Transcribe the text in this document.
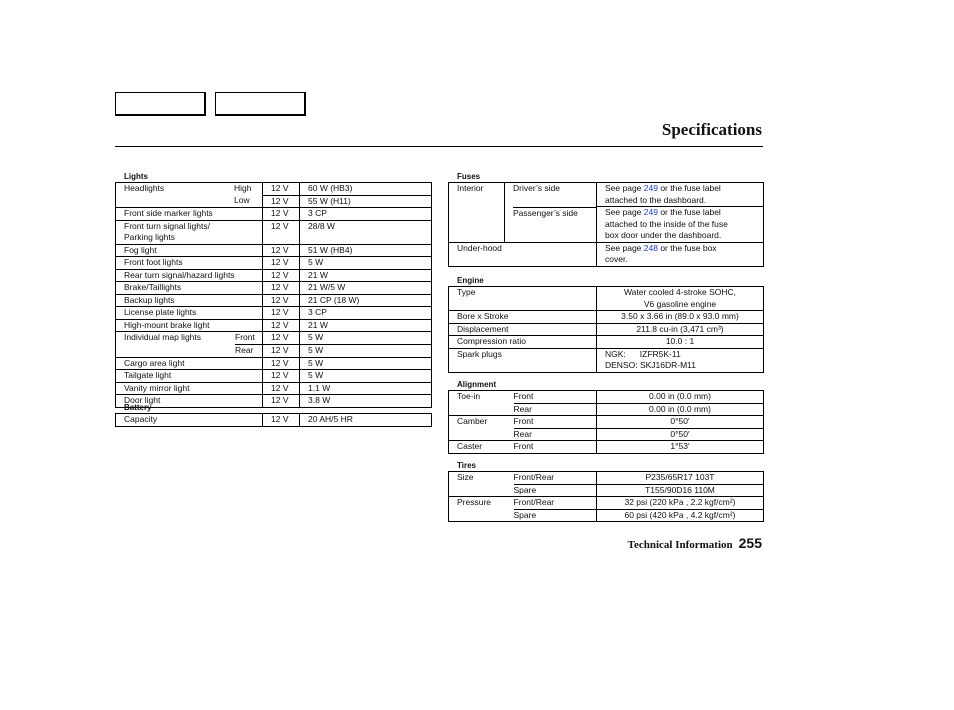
Specifications
Lights
Headlights High	12 V	60 W (HB3)
Low	12 V	55 W (H11)
Front side marker lights	12 V	3 CP

Front turn signal lights/
Parking lights	12 V	28/8 W
Fog light	12 V	51 W (HB4)
Front foot lights	12 V	5 W
Rear turn signal/hazard lights	12 V	21 W
Brake/Taillights	12 V	21 W/5 W
Backup lights	12 V	21 CP (18 W)
License plate lights	12 V	3 CP
High-mount brake light	12 V	21 W
Individual map lights Front	12 V	5 W
Rear	12 V	5 W
Cargo area light	12 V	5 W
Tailgate light	12 V	5 W
Vanity mirror light	12 V	1.1 W
Door light	12 V	3.8 W
Battery
Capacity	12 V	20 AH/5 HR
Fuses
Interior	Driver’s side	See page 249 or the fuse label
attached to the dashboard.

	Passenger’s side	See page 249 or the fuse label
attached to the inside of the fuse
box door under the dashboard.

Under-hood		See page 248 or the fuse box
cover.
Engine
Type	Water cooled 4-stroke SOHC,
V6 gasoline engine

Bore x Stroke	3.50 x 3.66 in (89.0 x 93.0 mm)
Displacement	211.8 cu-in (3,471 cm³)
Compression ratio	10.0 : 1
Spark plugs	NGK: IZFR5K-11
DENSO: SKJ16DR-M11
Alignment
Toe-in	Front	0.00 in (0.0 mm)
	Rear	0.00 in (0.0 mm)
Camber	Front	0°50′
	Rear	0°50′
Caster	Front	1°53′
Tires
Size	Front/Rear	P235/65R17 103T
	Spare	T155/90D16 110M
Pressure	Front/Rear	32 psi (220 kPa , 2.2 kgf/cm²)
	Spare	60 psi (420 kPa , 4.2 kgf/cm²)
Technical Information 255
